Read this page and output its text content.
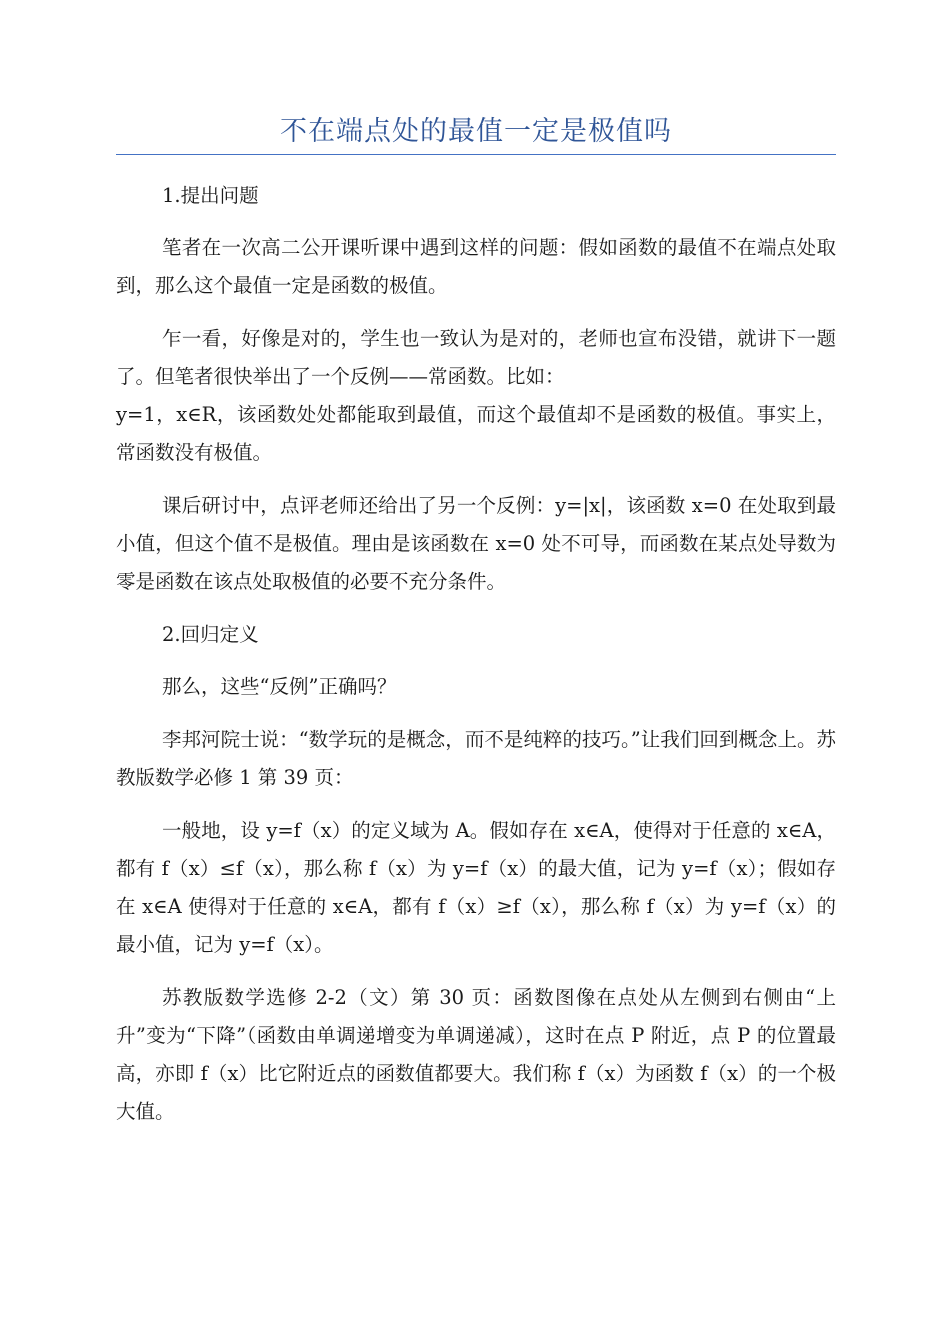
不在端点处的最值一定是极值吗

1.提出问题

笔者在一次高二公开课听课中遇到这样的问题：假如函数的最值不在端点处取到，那么这个最值一定是函数的极值。

乍一看，好像是对的，学生也一致认为是对的，老师也宣布没错，就讲下一题了。但笔者很快举出了一个反例——常函数。比如：
y=1，x∈R，该函数处处都能取到最值，而这个最值却不是函数的极值。事实上，常函数没有极值。

课后研讨中，点评老师还给出了另一个反例：y=|x|，该函数 x=0 在处取到最小值，但这个值不是极值。理由是该函数在 x=0 处不可导，而函数在某点处导数为零是函数在该点处取极值的必要不充分条件。

2.回归定义

那么，这些“反例”正确吗？

李邦河院士说：“数学玩的是概念，而不是纯粹的技巧。”让我们回到概念上。苏教版数学必修 1 第 39 页：

一般地，设 y=f（x）的定义域为 A。假如存在 x∈A，使得对于任意的 x∈A，都有 f（x）≤f（x），那么称 f（x）为 y=f（x）的最大值，记为 y=f（x）；假如存在 x∈A 使得对于任意的 x∈A，都有 f（x）≥f（x），那么称 f（x）为 y=f（x）的最小值，记为 y=f（x）。

苏教版数学选修 2-2（文）第 30 页：函数图像在点处从左侧到右侧由“上升”变为“下降”（函数由单调递增变为单调递减），这时在点 P 附近，点 P 的位置最高，亦即 f（x）比它附近点的函数值都要大。我们称 f（x）为函数 f（x）的一个极大值。
